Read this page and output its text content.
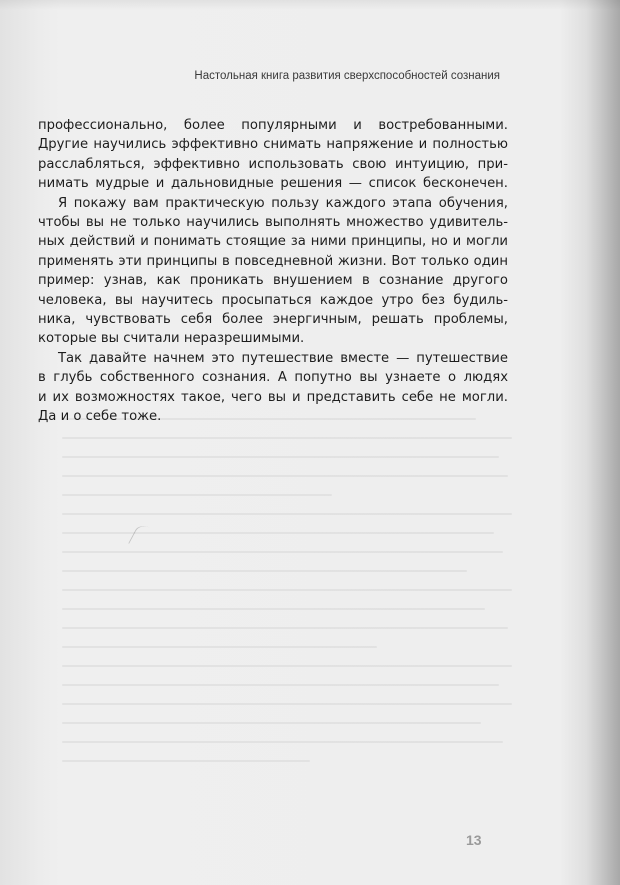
Настольная книга развития сверхспособностей сознания
профессионально, более популярными и востребованными.
Другие научились эффективно снимать напряжение и полностью
расслабляться, эффективно использовать свою интуицию, при-
нимать мудрые и дальновидные решения — список бесконечен.
Я покажу вам практическую пользу каждого этапа обучения,
чтобы вы не только научились выполнять множество удивитель-
ных действий и понимать стоящие за ними принципы, но и могли
применять эти принципы в повседневной жизни. Вот только один
пример: узнав, как проникать внушением в сознание другого
человека, вы научитесь просыпаться каждое утро без будиль-
ника, чувствовать себя более энергичным, решать проблемы,
которые вы считали неразрешимыми.
Так давайте начнем это путешествие вместе — путешествие
в глубь собственного сознания. А попутно вы узнаете о людях
и их возможностях такое, чего вы и представить себе не могли.
Да и о себе тоже.
13
